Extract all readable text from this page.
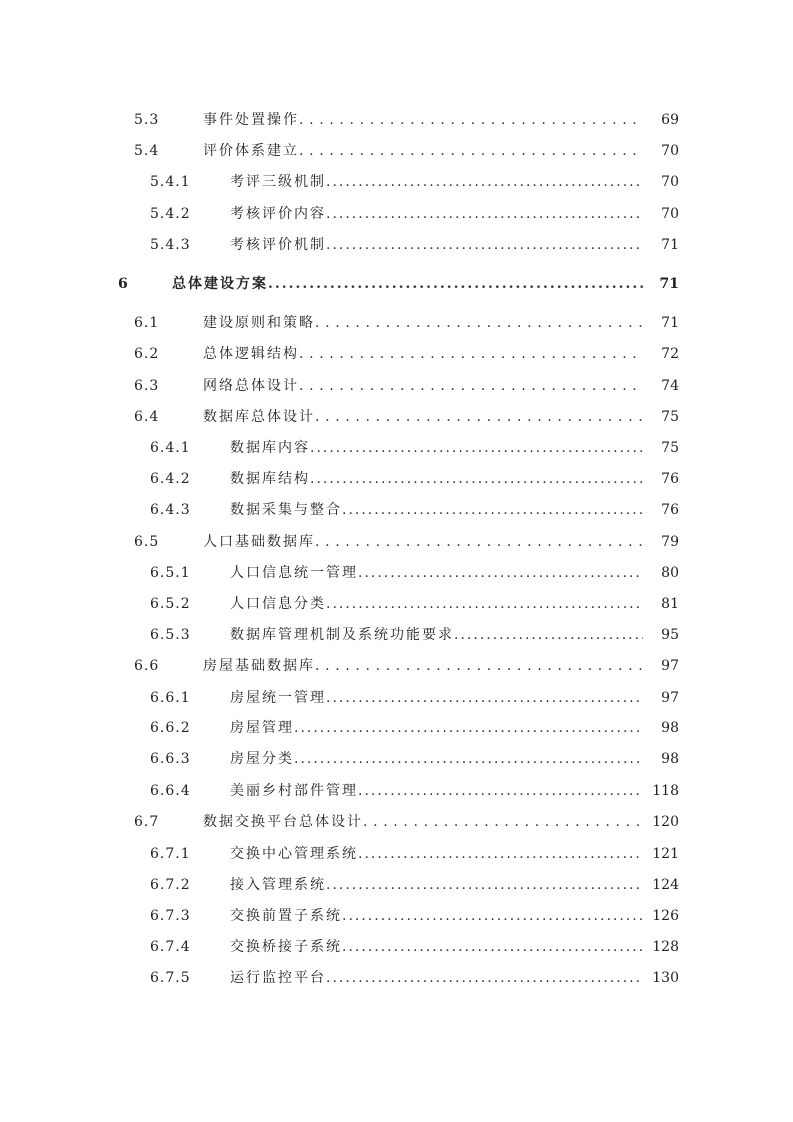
5.3	事件处置操作 . . .	69
5.4	评价体系建立 . . .	70
5.4.1	考评三级机制 .....	70
5.4.2	考核评价内容 .....	70
5.4.3	考核评价机制 .....	71
6	总体建设方案 .....	71
6.1	建设原则和策略 . . .	71
6.2	总体逻辑结构 . . .	72
6.3	网络总体设计 . . .	74
6.4	数据库总体设计 . . .	75
6.4.1	数据库内容 .....	75
6.4.2	数据库结构 .....	76
6.4.3	数据采集与整合 .....	76
6.5	人口基础数据库 . . .	79
6.5.1	人口信息统一管理 .....	80
6.5.2	人口信息分类 .....	81
6.5.3	数据库管理机制及系统功能要求 .....	95
6.6	房屋基础数据库 . . .	97
6.6.1	房屋统一管理 .....	97
6.6.2	房屋管理 .....	98
6.6.3	房屋分类 .....	98
6.6.4	美丽乡村部件管理 .....	118
6.7	数据交换平台总体设计 . . .	120
6.7.1	交换中心管理系统 .....	121
6.7.2	接入管理系统 .....	124
6.7.3	交换前置子系统 .....	126
6.7.4	交换桥接子系统 .....	128
6.7.5	运行监控平台 .....	130
